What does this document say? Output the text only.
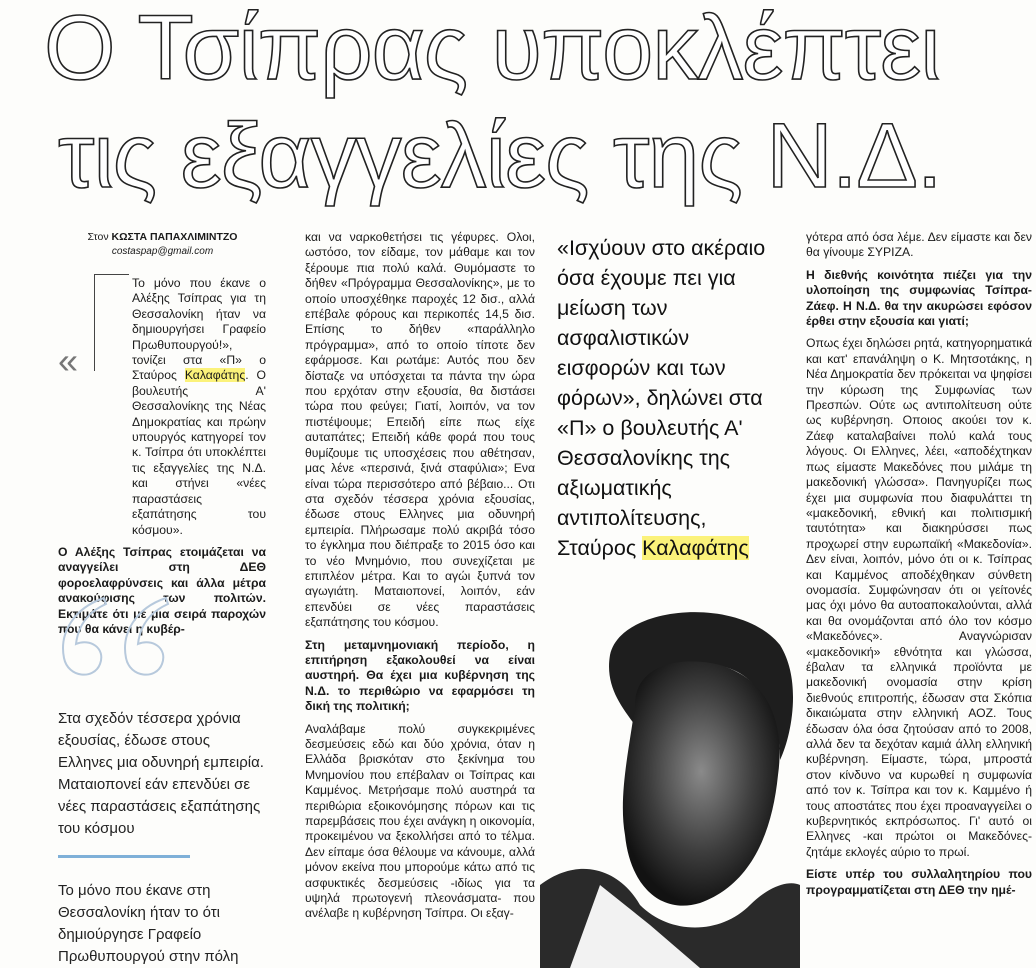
Ο Τσίπρας υποκλέπτει
τις εξαγγελίες της Ν.Δ.
Στον ΚΩΣΤΑ ΠΑΠΑΧΛΙΜΙΝΤΖΟ
costaspap@gmail.com
«

Το μόνο που έκανε ο Αλέξης Τσίπρας για τη Θεσσαλονίκη ήταν να δημιουργήσει Γραφείο Πρωθυπουργού!», τονίζει στα «Π» ο Σταύρος Καλαφάτης. Ο βουλευτής Α' Θεσσαλονίκης της Νέας Δημοκρατίας και πρώην υπουργός κατηγορεί τον κ. Τσίπρα ότι υποκλέπτει τις εξαγγελίες της Ν.Δ. και στήνει «νέες παραστάσεις εξαπάτησης του κόσμου».

Ο Αλέξης Τσίπρας ετοιμάζεται να αναγγείλει στη ΔΕΘ φοροελαφρύνσεις και άλλα μέτρα ανακούφισης των πολιτών. Εκτιμάτε ότι με μια σειρά παροχών που θα κάνει η κυβέρ-

Στα σχεδόν τέσσερα χρόνια εξουσίας, έδωσε στους Ελληνες μια οδυνηρή εμπειρία. Ματαιοπονεί εάν επενδύει σε νέες παραστάσεις εξαπάτησης του κόσμου
Το μόνο που έκανε στη Θεσσαλονίκη ήταν το ότι δημιούργησε Γραφείο Πρωθυπουργού στην πόλη

και να ναρκοθετήσει τις γέφυρες. Ολοι, ωστόσο, τον είδαμε, τον μάθαμε και τον ξέρουμε πια πολύ καλά. Θυμόμαστε το δήθεν «Πρόγραμμα Θεσσαλονίκης», με το οποίο υποσχέθηκε παροχές 12 δισ., αλλά επέβαλε φόρους και περικοπές 14,5 δισ. Επίσης το δήθεν «παράλληλο πρόγραμμα», από το οποίο τίποτε δεν εφάρμοσε. Και ρωτάμε: Αυτός που δεν δίσταζε να υπόσχεται τα πάντα την ώρα που ερχόταν στην εξουσία, θα διστάσει τώρα που φεύγει; Γιατί, λοιπόν, να τον πιστέψουμε; Επειδή είπε πως είχε αυταπάτες; Επειδή κάθε φορά που τους θυμίζουμε τις υποσχέσεις που αθέτησαν, μας λένε «περσινά, ξινά σταφύλια»; Ενα είναι τώρα περισσότερο από βέβαιο... Οτι στα σχεδόν τέσσερα χρόνια εξουσίας, έδωσε στους Ελληνες μια οδυνηρή εμπειρία. Πλήρωσαμε πολύ ακριβά τόσο το έγκλημα που διέπραξε το 2015 όσο και το νέο Μνημόνιο, που συνεχίζεται με επιπλέον μέτρα. Και το αγώι ξυπνά τον αγωγιάτη. Ματαιοπονεί, λοιπόν, εάν επενδύει σε νέες παραστάσεις εξαπάτησης του κόσμου.

Στη μεταμνημονιακή περίοδο, η επιτήρηση εξακολουθεί να είναι αυστηρή. Θα έχει μια κυβέρνηση της Ν.Δ. το περιθώριο να εφαρμόσει τη δική της πολιτική;

Αναλάβαμε πολύ συγκεκριμένες δεσμεύσεις εδώ και δύο χρόνια, όταν η Ελλάδα βρισκόταν στο ξεκίνημα του Μνημονίου που επέβαλαν οι Τσίπρας και Καμμένος. Μετρήσαμε πολύ αυστηρά τα περιθώρια εξοικονόμησης πόρων και τις παρεμβάσεις που έχει ανάγκη η οικονομία, προκειμένου να ξεκολλήσει από το τέλμα. Δεν είπαμε όσα θέλουμε να κάνουμε, αλλά μόνον εκείνα που μπορούμε κάτω από τις ασφυκτικές δεσμεύσεις -ιδίως για τα υψηλά πρωτογενή πλεονάσματα- που ανέλαβε η κυβέρνηση Τσίπρα. Οι εξαγ-

«Ισχύουν στο ακέραιο όσα έχουμε πει για μείωση των ασφαλιστικών εισφορών και των φόρων», δηλώνει στα «Π» ο βουλευτής Α' Θεσσαλονίκης της αξιωματικής αντιπολίτευσης, Σταύρος Καλαφάτης

γότερα από όσα λέμε. Δεν είμαστε και δεν θα γίνουμε ΣΥΡΙΖΑ.

Η διεθνής κοινότητα πιέζει για την υλοποίηση της συμφωνίας Τσίπρα-Ζάεφ. Η Ν.Δ. θα την ακυρώσει εφόσον έρθει στην εξουσία και γιατί;

Οπως έχει δηλώσει ρητά, κατηγορηματικά και κατ' επανάληψη ο Κ. Μητσοτάκης, η Νέα Δημοκρατία δεν πρόκειται να ψηφίσει την κύρωση της Συμφωνίας των Πρεσπών. Ούτε ως αντιπολίτευση ούτε ως κυβέρνηση. Οποιος ακούει τον κ. Ζάεφ καταλαβαίνει πολύ καλά τους λόγους. Οι Ελληνες, λέει, «αποδέχτηκαν πως είμαστε Μακεδόνες που μιλάμε τη μακεδονική γλώσσα». Πανηγυρίζει πως έχει μια συμφωνία που διαφυλάττει τη «μακεδονική, εθνική και πολιτισμική ταυτότητα» και διακηρύσσει πως προχωρεί στην ευρωπαϊκή «Μακεδονία». Δεν είναι, λοιπόν, μόνο ότι οι κ. Τσίπρας και Καμμένος αποδέχθηκαν σύνθετη ονομασία. Συμφώνησαν ότι οι γείτονές μας όχι μόνο θα αυτοαποκαλούνται, αλλά και θα ονομάζονται από όλο τον κόσμο «Μακεδόνες». Αναγνώρισαν «μακεδονική» εθνότητα και γλώσσα, έβαλαν τα ελληνικά προϊόντα με μακεδονική ονομασία στην κρίση διεθνούς επιτροπής, έδωσαν στα Σκόπια δικαιώματα στην ελληνική ΑΟΖ. Τους έδωσαν όλα όσα ζητούσαν από το 2008, αλλά δεν τα δεχόταν καμιά άλλη ελληνική κυβέρνηση. Είμαστε, τώρα, μπροστά στον κίνδυνο να κυρωθεί η συμφωνία από τον κ. Τσίπρα και τον κ. Καμμένο ή τους αποστάτες που έχει προαναγγείλει ο κυβερνητικός εκπρόσωπος. Γι' αυτό οι Ελληνες -και πρώτοι οι Μακεδόνες- ζητάμε εκλογές αύριο το πρωί.

Είστε υπέρ του συλλαλητηρίου που προγραμματίζεται στη ΔΕΘ την ημέ-
